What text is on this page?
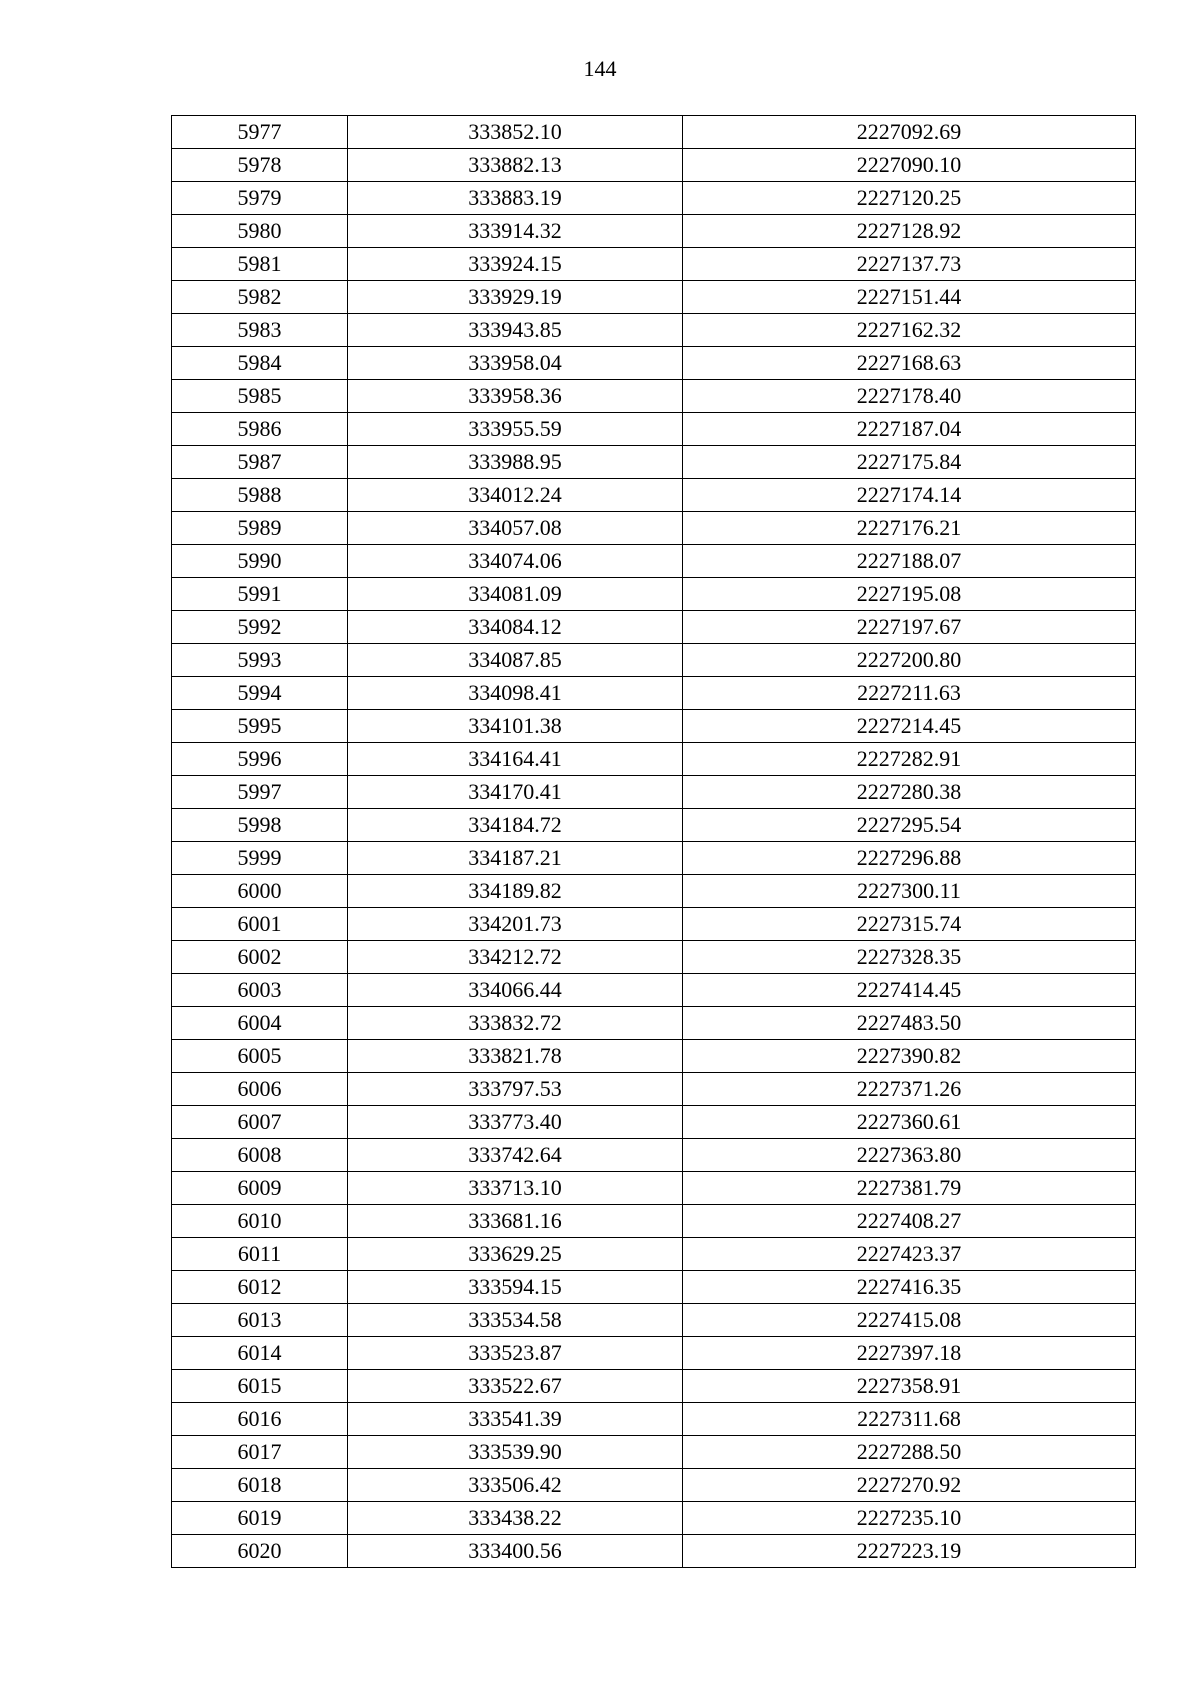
144
5977	333852.10	2227092.69
5978	333882.13	2227090.10
5979	333883.19	2227120.25
5980	333914.32	2227128.92
5981	333924.15	2227137.73
5982	333929.19	2227151.44
5983	333943.85	2227162.32
5984	333958.04	2227168.63
5985	333958.36	2227178.40
5986	333955.59	2227187.04
5987	333988.95	2227175.84
5988	334012.24	2227174.14
5989	334057.08	2227176.21
5990	334074.06	2227188.07
5991	334081.09	2227195.08
5992	334084.12	2227197.67
5993	334087.85	2227200.80
5994	334098.41	2227211.63
5995	334101.38	2227214.45
5996	334164.41	2227282.91
5997	334170.41	2227280.38
5998	334184.72	2227295.54
5999	334187.21	2227296.88
6000	334189.82	2227300.11
6001	334201.73	2227315.74
6002	334212.72	2227328.35
6003	334066.44	2227414.45
6004	333832.72	2227483.50
6005	333821.78	2227390.82
6006	333797.53	2227371.26
6007	333773.40	2227360.61
6008	333742.64	2227363.80
6009	333713.10	2227381.79
6010	333681.16	2227408.27
6011	333629.25	2227423.37
6012	333594.15	2227416.35
6013	333534.58	2227415.08
6014	333523.87	2227397.18
6015	333522.67	2227358.91
6016	333541.39	2227311.68
6017	333539.90	2227288.50
6018	333506.42	2227270.92
6019	333438.22	2227235.10
6020	333400.56	2227223.19
